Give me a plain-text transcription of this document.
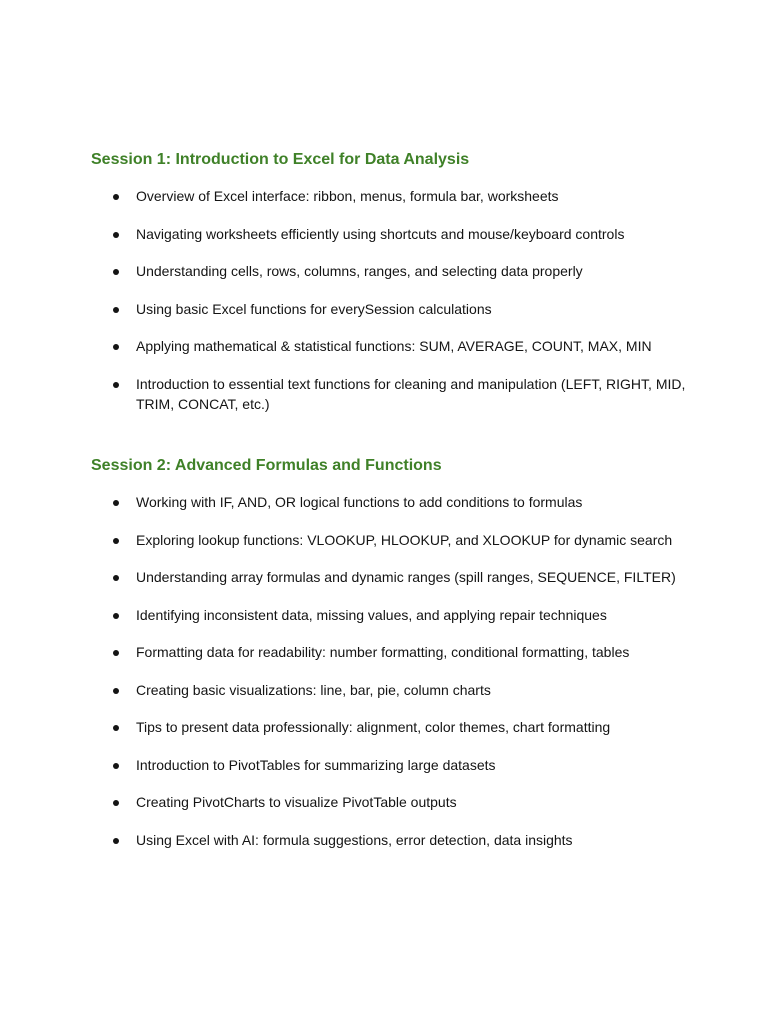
Session 1: Introduction to Excel for Data Analysis
Overview of Excel interface: ribbon, menus, formula bar, worksheets
Navigating worksheets efficiently using shortcuts and mouse/keyboard controls
Understanding cells, rows, columns, ranges, and selecting data properly
Using basic Excel functions for everySession calculations
Applying mathematical & statistical functions: SUM, AVERAGE, COUNT, MAX, MIN
Introduction to essential text functions for cleaning and manipulation (LEFT, RIGHT, MID, TRIM, CONCAT, etc.)
Session 2: Advanced Formulas and Functions
Working with IF, AND, OR logical functions to add conditions to formulas
Exploring lookup functions: VLOOKUP, HLOOKUP, and XLOOKUP for dynamic search
Understanding array formulas and dynamic ranges (spill ranges, SEQUENCE, FILTER)
Identifying inconsistent data, missing values, and applying repair techniques
Formatting data for readability: number formatting, conditional formatting, tables
Creating basic visualizations: line, bar, pie, column charts
Tips to present data professionally: alignment, color themes, chart formatting
Introduction to PivotTables for summarizing large datasets
Creating PivotCharts to visualize PivotTable outputs
Using Excel with AI: formula suggestions, error detection, data insights
